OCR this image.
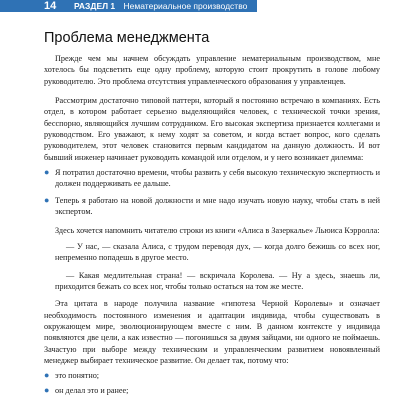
14	РАЗДЕЛ 1 Нематериальное производство
Проблема менеджмента

Прежде чем мы начнем обсуждать управление нематериальным производством, мне хотелось бы подсветить еще одну проблему, которую стоит прокрутить в голове любому руководителю. Это проблема отсутствия управленческого образования у управленцев.

Рассмотрим достаточно типовой паттерн, который я постоянно встречаю в компаниях. Есть отдел, в котором работает серьезно выделяющийся человек, с технической точки зрения, бесспорно, являющийся лучшим сотрудником. Его высокая экспертиза признается коллегами и руководством. Его уважают, к нему ходят за советом, и когда встает вопрос, кого сделать руководителем, этот человек становится первым кандидатом на данную должность. И вот бывший инженер начинает руководить командой или отделом, и у него возникает дилемма:

● Я потратил достаточно времени, чтобы развить у себя высокую техническую экспертность и должен поддерживать ее дальше.
● Теперь я работаю на новой должности и мне надо изучать новую науку, чтобы стать в ней экспертом.

Здесь хочется напомнить читателю строки из книги «Алиса в Зазеркалье» Льюиса Кэрролла:

— У нас, — сказала Алиса, с трудом переводя дух, — когда долго бежишь со всех ног, непременно попадешь в другое место.
— Какая медлительная страна! — вскричала Королева. — Ну а здесь, знаешь ли, приходится бежать со всех ног, чтобы только остаться на том же месте.

Эта цитата в народе получила название «гипотеза Черной Королевы» и означает необходимость постоянного изменения и адаптации индивида, чтобы существовать в окружающем мире, эволюционирующем вместе с ним. В данном контексте у индивида появляются две цели, а как известно — погонишься за двумя зайцами, ни одного не поймаешь. Зачастую при выборе между техническим и управленческим развитием новоявленный менеджер выбирает техническое развитие. Он делает так, потому что:

● это понятно;
● он делал это и ранее;
